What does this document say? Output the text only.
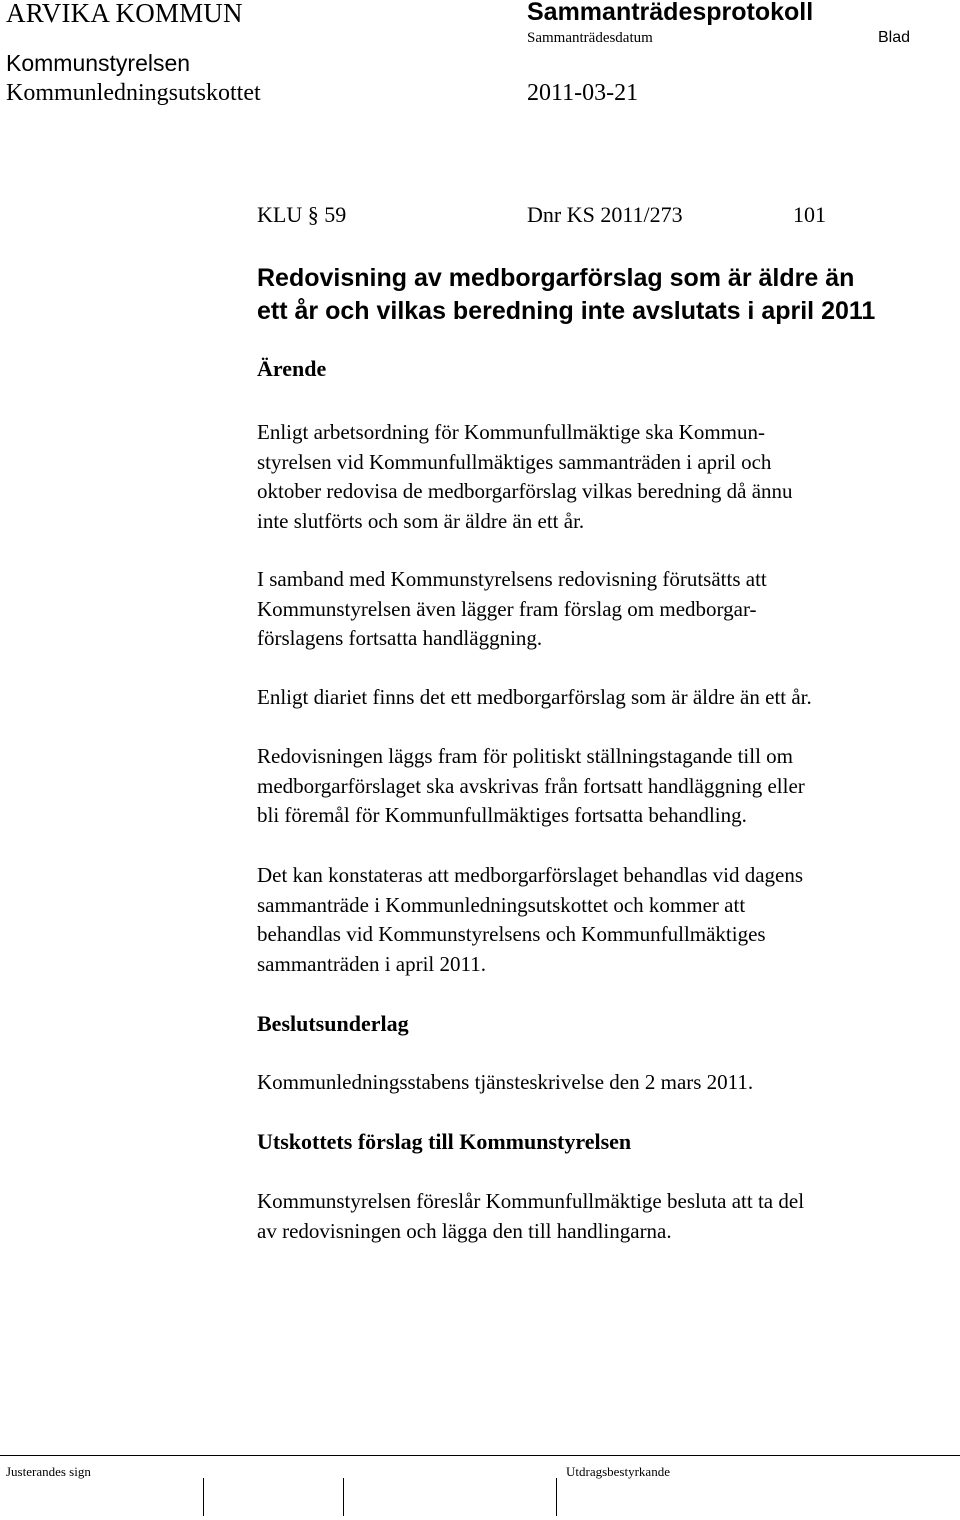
ARVIKA KOMMUN	Sammanträdesprotokoll
Sammanträdesdatum	Blad
Kommunstyrelsen
Kommunledningsutskottet	2011-03-21
KLU § 59	Dnr KS 2011/273	101
Redovisning av medborgarförslag som är äldre än
ett år och vilkas beredning inte avslutats i april 2011
Ärende
Enligt arbetsordning för Kommunfullmäktige ska Kommun-
styrelsen vid Kommunfullmäktiges sammanträden i april och
oktober redovisa de medborgarförslag vilkas beredning då ännu
inte slutförts och som är äldre än ett år.
I samband med Kommunstyrelsens redovisning förutsätts att
Kommunstyrelsen även lägger fram förslag om medborgar-
förslagens fortsatta handläggning.
Enligt diariet finns det ett medborgarförslag som är äldre än ett år.
Redovisningen läggs fram för politiskt ställningstagande till om
medborgarförslaget ska avskrivas från fortsatt handläggning eller
bli föremål för Kommunfullmäktiges fortsatta behandling.
Det kan konstateras att medborgarförslaget behandlas vid dagens
sammanträde i Kommunledningsutskottet och kommer att
behandlas vid Kommunstyrelsens och Kommunfullmäktiges
sammanträden i april 2011.
Beslutsunderlag
Kommunledningsstabens tjänsteskrivelse den 2 mars 2011.
Utskottets förslag till Kommunstyrelsen
Kommunstyrelsen föreslår Kommunfullmäktige besluta att ta del
av redovisningen och lägga den till handlingarna.
Justerandes sign	Utdragsbestyrkande
